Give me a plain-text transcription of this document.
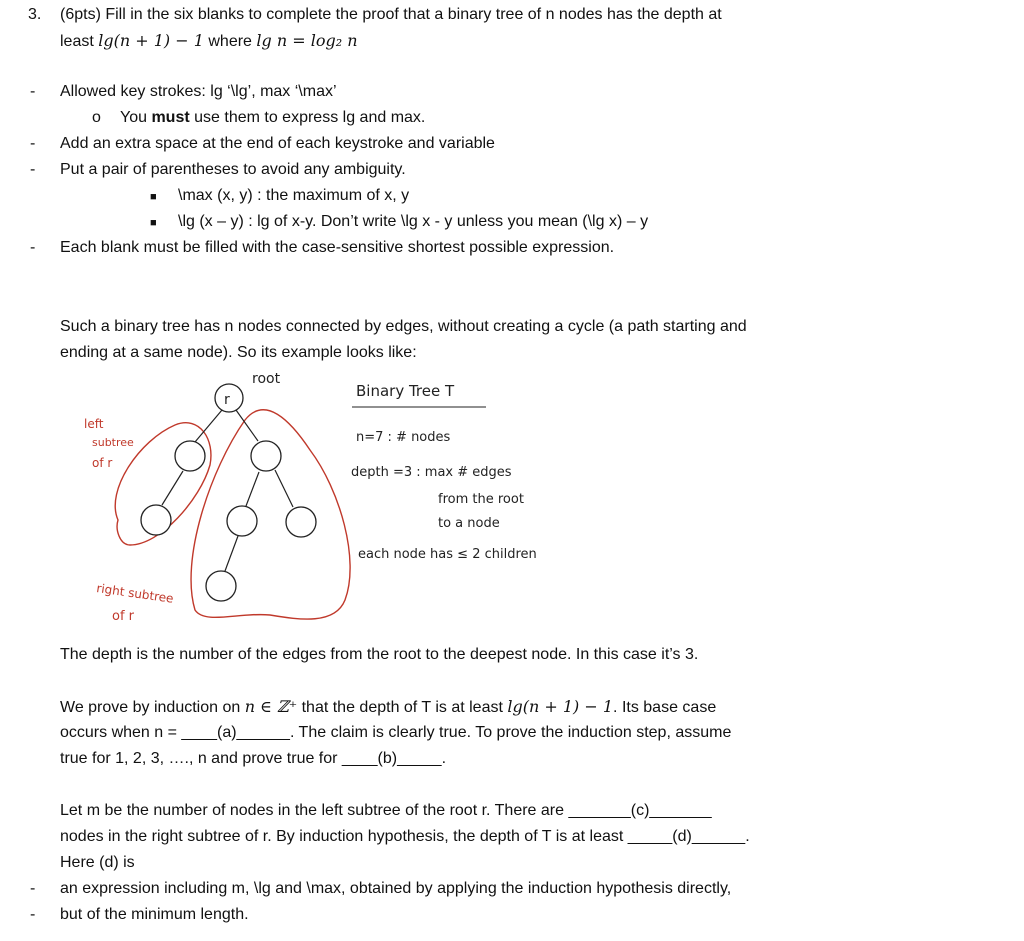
3. (6pts) Fill in the six blanks to complete the proof that a binary tree of n nodes has the depth at
least lg(n + 1) − 1 where lg n = log₂ n
- Allowed key strokes: lg ‘\lg’, max ‘\max’
o You must use them to express lg and max.
- Add an extra space at the end of each keystroke and variable
- Put a pair of parentheses to avoid any ambiguity.
■ \max (x, y) : the maximum of x, y
■ \lg (x – y) : lg of x-y. Don’t write \lg x - y unless you mean (\lg x) – y
- Each blank must be filled with the case-sensitive shortest possible expression.
Such a binary tree has n nodes connected by edges, without creating a cycle (a path starting and
ending at a same node). So its example looks like:
r
root
left
subtree
of r
right subtree
of r
Binary Tree T
n=7 : # nodes
depth =3 : max # edges
from the root
to a node
each node has ≤ 2 children
The depth is the number of the edges from the root to the deepest node. In this case it’s 3.
We prove by induction on n ∈ ℤ⁺ that the depth of T is at least lg(n + 1) − 1. Its base case
occurs when n = ____(a)______. The claim is clearly true. To prove the induction step, assume
true for 1, 2, 3, …., n and prove true for ____(b)_____.
Let m be the number of nodes in the left subtree of the root r. There are _______(c)_______
nodes in the right subtree of r. By induction hypothesis, the depth of T is at least _____(d)______.
Here (d) is
- an expression including m, \lg and \max, obtained by applying the induction hypothesis directly,
- but of the minimum length.
